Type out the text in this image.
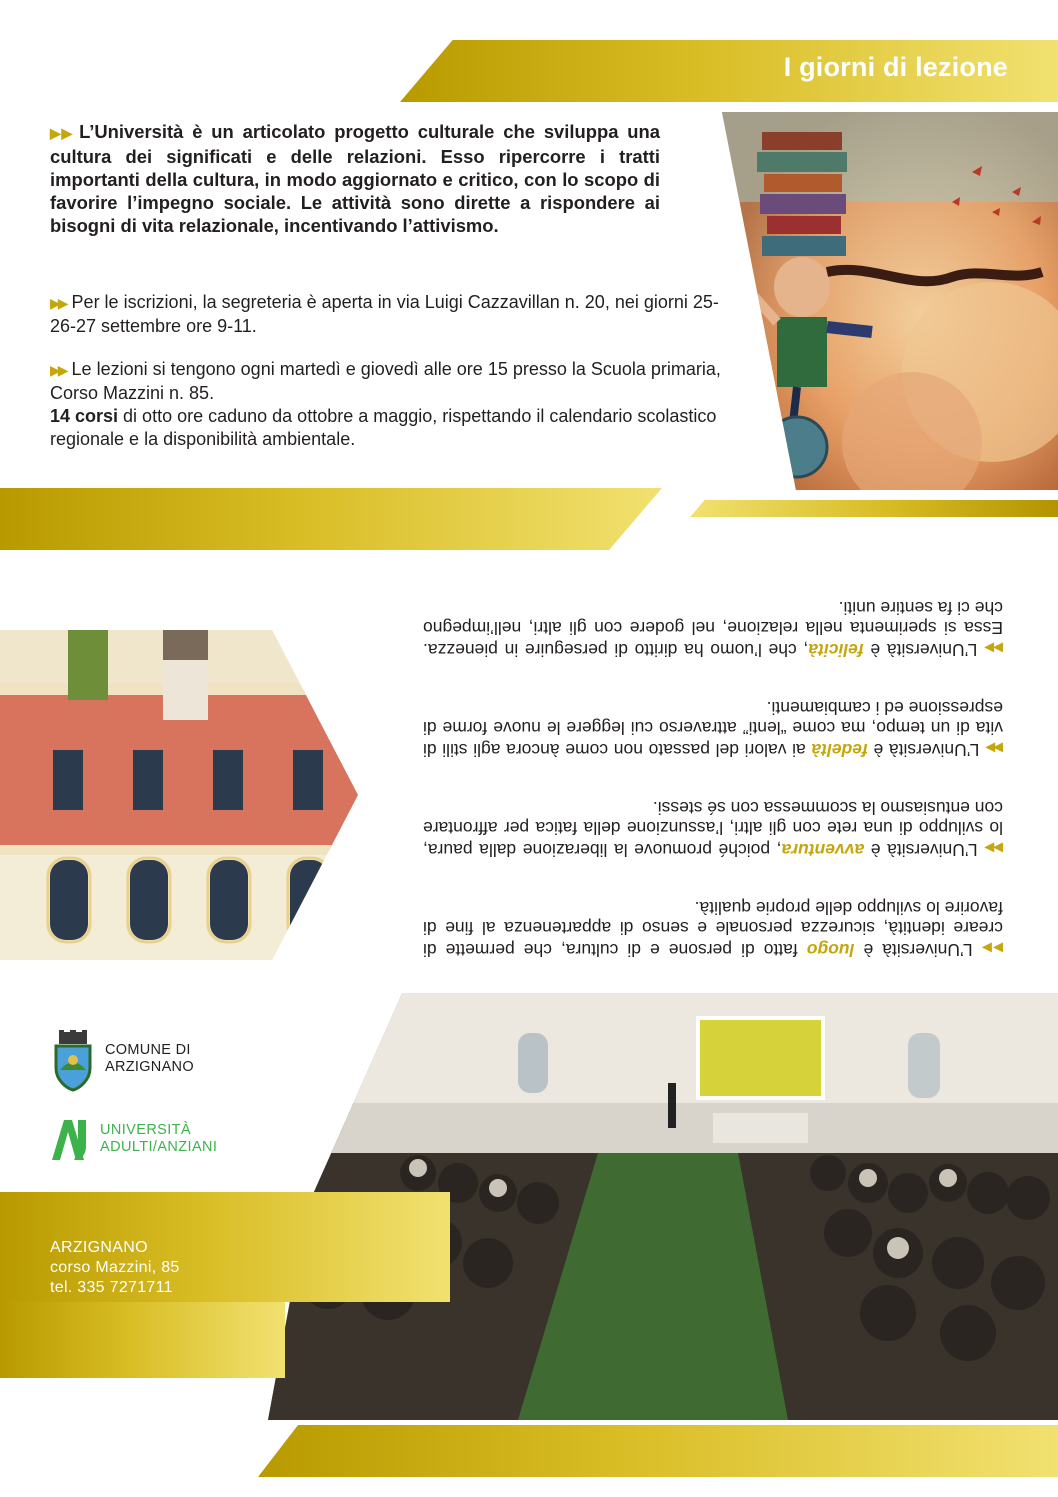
I giorni di lezione
▶▶ L’Università è un articolato progetto culturale che sviluppa una cultura dei significati e delle relazioni. Esso ripercorre i tratti importanti della cultura, in modo aggiornato e critico, con lo scopo di favorire l’impegno sociale. Le attività sono dirette a rispondere ai bisogni di vita relazionale, incentivando l’attivismo.
▶▶ Per le iscrizioni, la segreteria è aperta in via Luigi Cazzavillan n. 20, nei giorni 25-26-27 settembre ore 9-11.
▶▶ Le lezioni si tengono ogni martedì e giovedì alle ore 15 presso la Scuola primaria, Corso Mazzini n. 85.
14 corsi di otto ore caduno da ottobre a maggio, rispettando il calendario scolastico regionale e la disponibilità ambientale.
▶▶L’Università è luogo fatto di persone e di cultura, che permette di creare identità, sicurezza personale e senso di appartenenza al fine di favorire lo sviluppo delle proprie qualità.
▶▶L’Università è avventura, poiché promuove la liberazione dalla paura, lo sviluppo di una rete con gli altri, l’assunzione della fatica per affrontare con entusiasmo la scommessa con sé stessi.
▶▶L’Università è fedeltà ai valori del passato non come àncora agli stili di vita di un tempo, ma come “lenti” attraverso cui leggere le nuove forme di espressione ed i cambiamenti.
▶▶L’Università è felicità, che l’uomo ha diritto di perseguire in pienezza. Essa si sperimenta nella relazione, nel godere con gli altri, nell’impegno che ci fa sentire uniti.
COMUNE DI
ARZIGNANO
UNIVERSITÀ
ADULTI/ANZIANI
ARZIGNANO
corso Mazzini, 85
tel. 335 7271711
